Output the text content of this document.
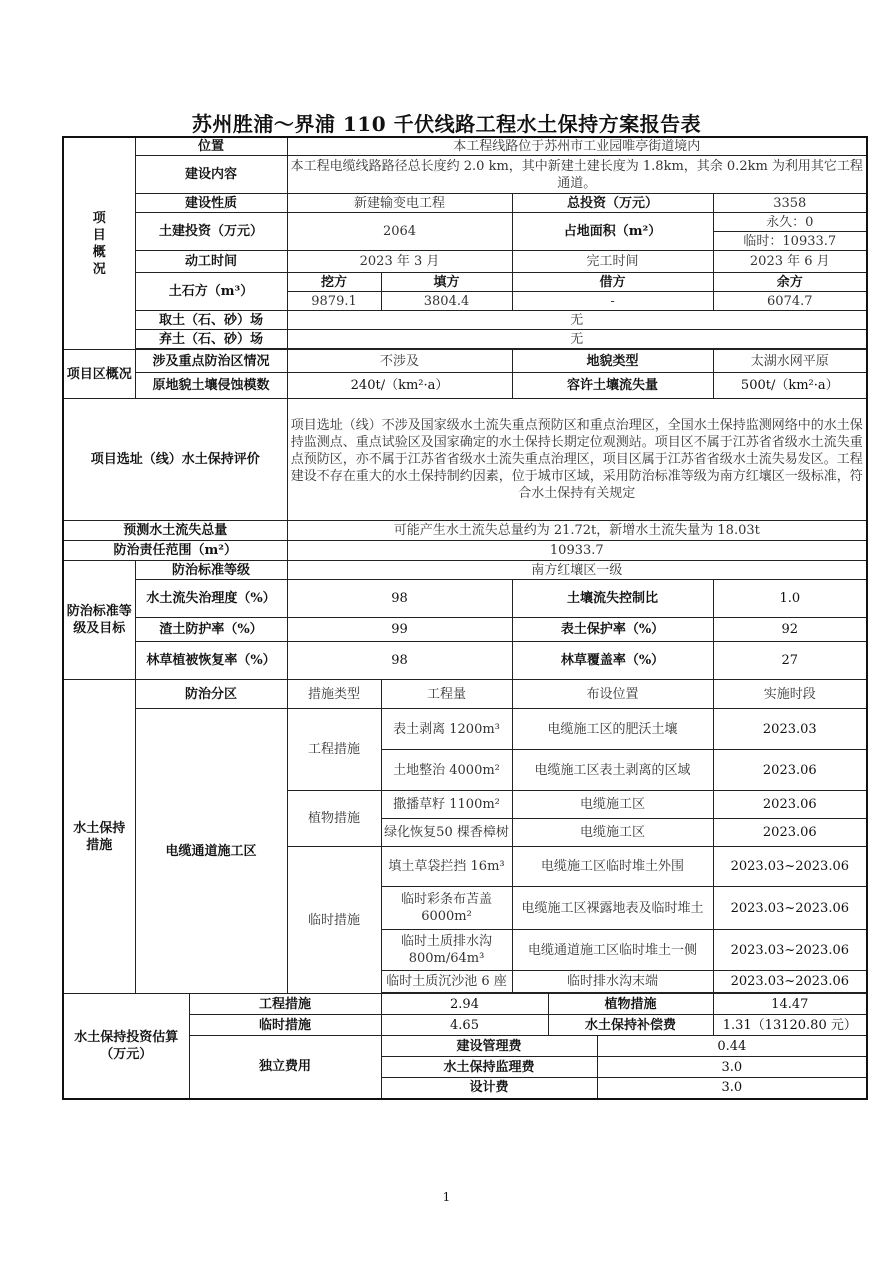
苏州胜浦～界浦 110 千伏线路工程水土保持方案报告表
项
目
概
况	位置		本工程线路位于苏州市工业园唯亭街道境内					
	建设内容		本工程电缆线路路径总长度约 2.0 km，其中新建土建长度为 1.8km，其余 0.2km 为利用其它工程通道。					
	建设性质		新建输变电工程		总投资（万元）			3358
	土建投资（万元）		2064		占地面积（m²）			永久：0
								临时：10933.7
	动工时间		2023 年 3 月		完工时间			2023 年 6 月
	土石方（m³）		挖方	填方	借方			余方
			9879.1	3804.4	-			6074.7
	取土（石、砂）场		无					
	弃土（石、砂）场		无					

项目区概况	涉及重点防治区情况		不涉及		地貌类型			太湖水网平原
	原地貌土壤侵蚀模数		240t/（km²·a）		容许土壤流失量			500t/（km²·a）
项目选址（线）水土保持评价			项目选址（线）不涉及国家级水土流失重点预防区和重点治理区，全国水土保持监测网络中的水土保持监测点、重点试验区及国家确定的水土保持长期定位观测站。项目区不属于江苏省省级水土流失重点预防区，亦不属于江苏省省级水土流失重点治理区，项目区属于江苏省省级水土流失易发区。工程建设不存在重大的水土保持制约因素，位于城市区域，采用防治标准等级为南方红壤区一级标准，符合水土保持有关规定					
预测水土流失总量			可能产生水土流失总量约为 21.72t，新增水土流失量为 18.03t					
防治责任范围（m²）			10933.7					
防治标准等级及目标	防治标准等级		南方红壤区一级					
	水土流失治理度（%）		98		土壤流失控制比			1.0
	渣土防护率（%）		99		表土保护率（%）			92
	林草植被恢复率（%）		98		林草覆盖率（%）			27
水土保持
措施	防治分区		措施类型	工程量	布设位置			实施时段
	电缆通道施工区		工程措施	表土剥离 1200m³	电缆施工区的肥沃土壤			2023.03
				土地整治 4000m²	电缆施工区表土剥离的区域			2023.06
			植物措施	撒播草籽 1100m²	电缆施工区			2023.06
				绿化恢复50 棵香樟树	电缆施工区			2023.06
			临时措施	填土草袋拦挡 16m³	电缆施工区临时堆土外围			2023.03~2023.06
				临时彩条布苫盖 6000m²	电缆施工区裸露地表及临时堆土			2023.03~2023.06
				临时土质排水沟 800m/64m³	电缆通道施工区临时堆土一侧			2023.03~2023.06
				临时土质沉沙池 6 座	临时排水沟末端			2023.03~2023.06

水土保持投资估算（万元）		工程措施		2.94		植物措施		14.47
		临时措施		4.65		水土保持补偿费		1.31（13120.80 元）
		独立费用		建设管理费			0.44	
				水土保持监理费			3.0	
				设计费			3.0	
1
